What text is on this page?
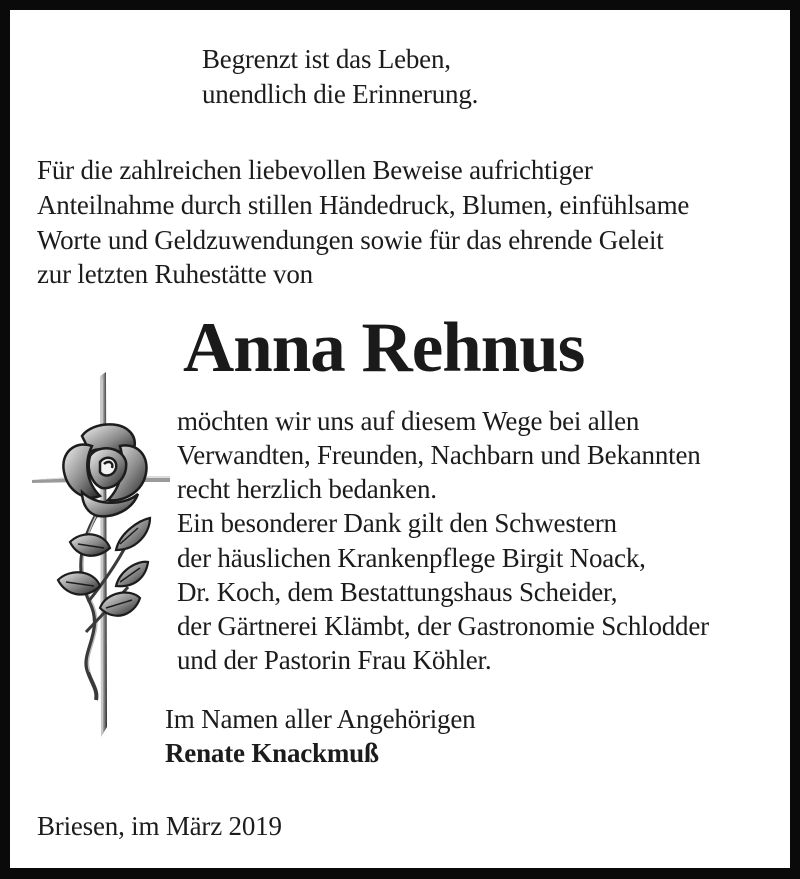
Begrenzt ist das Leben,
unendlich die Erinnerung.
Für die zahlreichen liebevollen Beweise aufrichtiger
Anteilnahme durch stillen Händedruck, Blumen, einfühlsame
Worte und Geldzuwendungen sowie für das ehrende Geleit
zur letzten Ruhestätte von
Anna Rehnus
möchten wir uns auf diesem Wege bei allen
Verwandten, Freunden, Nachbarn und Bekannten
recht herzlich bedanken.
Ein besonderer Dank gilt den Schwestern
der häuslichen Krankenpflege Birgit Noack,
Dr. Koch, dem Bestattungshaus Scheider,
der Gärtnerei Klämbt, der Gastronomie Schlodder
und der Pastorin Frau Köhler.
Im Namen aller Angehörigen
Renate Knackmuß
Briesen, im März 2019
